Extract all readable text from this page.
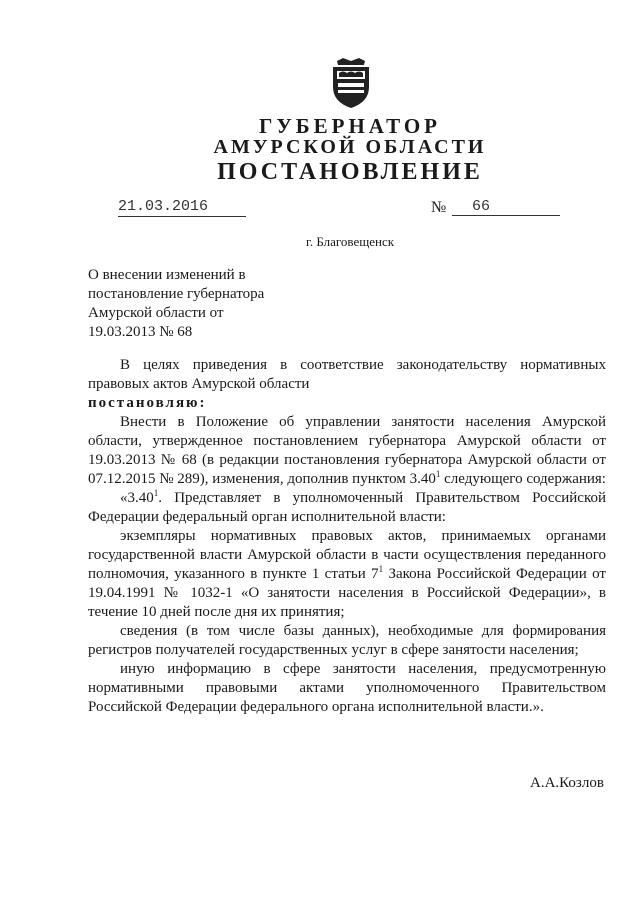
ГУБЕРНАТОР
АМУРСКОЙ ОБЛАСТИ
ПОСТАНОВЛЕНИЕ
21.03.2016	№	66
г. Благовещенск
О внесении изменений в
постановление губернатора
Амурской области от
19.03.2013 № 68

В целях приведения в соответствие законодательству нормативных правовых актов Амурской области

постановляю:

Внести в Положение об управлении занятости населения Амурской области, утвержденное постановлением губернатора Амурской области от 19.03.2013 № 68 (в редакции постановления губернатора Амурской области от 07.12.2015 № 289), изменения, дополнив пунктом 3.40$^1$ следующего содержания:

«3.40$^1$. Представляет в уполномоченный Правительством Российской Федерации федеральный орган исполнительной власти:

экземпляры нормативных правовых актов, принимаемых органами государственной власти Амурской области в части осуществления переданного полномочия, указанного в пункте 1 статьи $7^1$ Закона Российской Федерации от 19.04.1991 № 1032-1 «О занятости населения в Российской Федерации», в течение 10 дней после дня их принятия;

сведения (в том числе базы данных), необходимые для формирования регистров получателей государственных услуг в сфере занятости населения;

иную информацию в сфере занятости населения, предусмотренную нормативными правовыми актами уполномоченного Правительством Российской Федерации федерального органа исполнительной власти.».

А.А.Козлов
